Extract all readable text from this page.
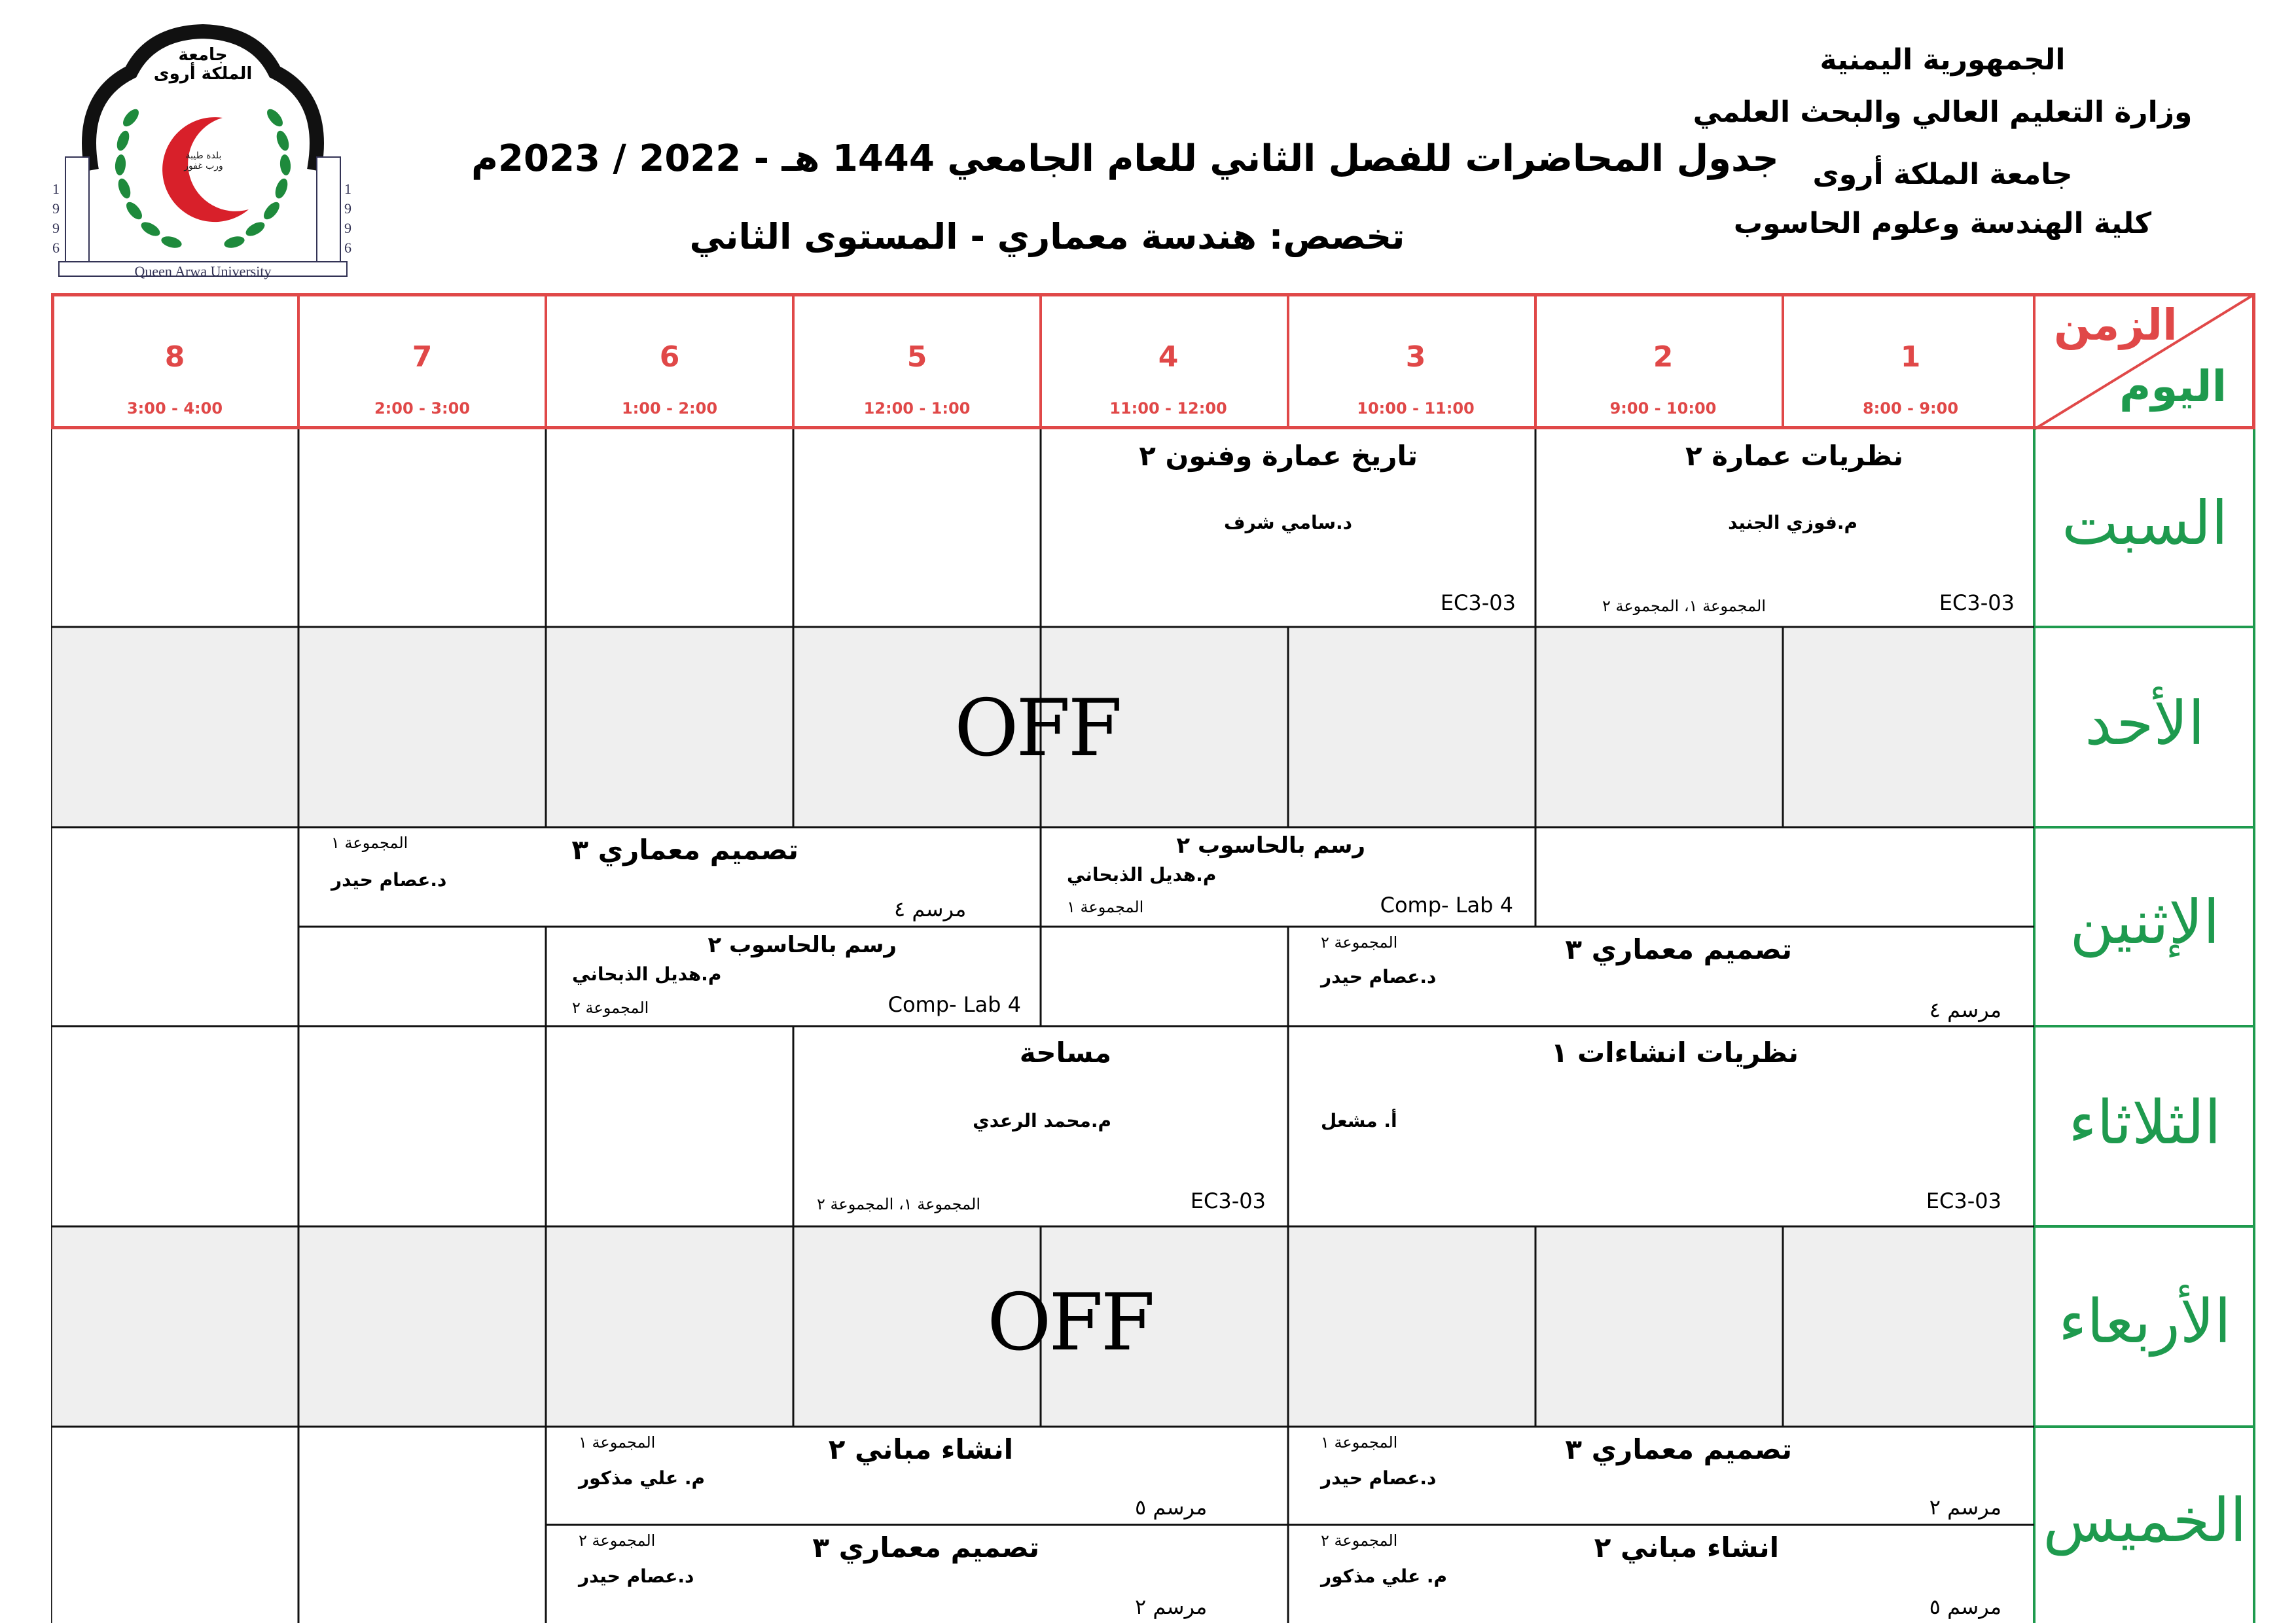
الجمهورية اليمنية
وزارة التعليم العالي والبحث العلمي
جامعة الملكة أروى
كلية الهندسة وعلوم الحاسوب
جدول المحاضرات للفصل الثاني للعام الجامعي 1444 هـ - 2022 / 2023م
تخصص: هندسة معماري - المستوى الثاني
جامعة الملكة أروى
بلدة طيبة ورب غفور
Queen Arwa University
1
9
9
6
1
9
9
6
الزمن
اليوم
1
8:00 - 9:00
2
9:00 - 10:00
3
10:00 - 11:00
4
11:00 - 12:00
5
12:00 - 1:00
6
1:00 - 2:00
7
2:00 - 3:00
8
3:00 - 4:00
السبت
الأحد
الإثنين
الثلاثاء
الأربعاء
الخميس
OFF
OFF
نظريات عمارة ٢
م.فوزي الجنيد
EC3-03
المجموعة ١، المجموعة ٢
تاريخ عمارة وفنون ٢
د.سامي شرف
EC3-03
تصميم معماري ٣
المجموعة ١
د.عصام حيدر
مرسم ٤
رسم بالحاسوب ٢
م.هديل الذبحاني
Comp- Lab 4
المجموعة ١
رسم بالحاسوب ٢
م.هديل الذبحاني
Comp- Lab 4
المجموعة ٢
تصميم معماري ٣
المجموعة ٢
د.عصام حيدر
مرسم ٤
مساحة
م.محمد الرعدي
EC3-03
المجموعة ١، المجموعة ٢
نظريات انشاءات ١
أ. مشعل
EC3-03
انشاء مباني ٢
المجموعة ١
م. علي مذكور
مرسم ٥
تصميم معماري ٣
المجموعة ١
د.عصام حيدر
مرسم ٢
تصميم معماري ٣
المجموعة ٢
د.عصام حيدر
مرسم ٢
انشاء مباني ٢
المجموعة ٢
م. علي مذكور
مرسم ٥
